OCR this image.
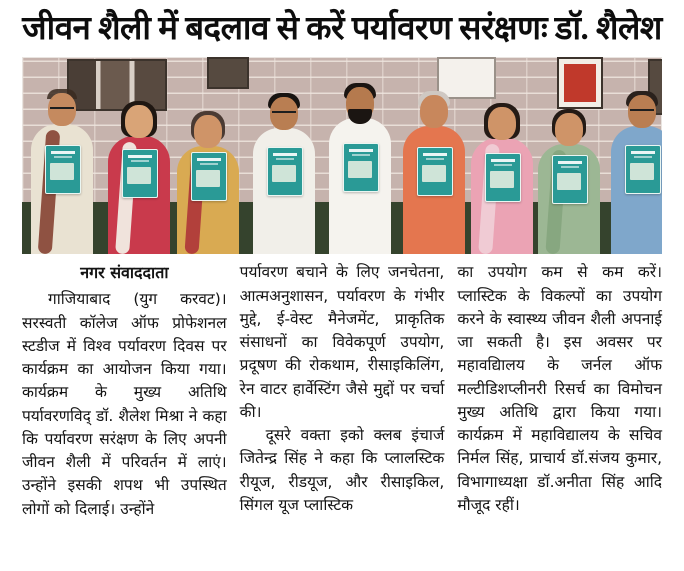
जीवन शैली में बदलाव से करें पर्यावरण सरंक्षणः डॉ. शैलेश
नगर संवाददाता

गाजियाबाद (युग करवट)। सरस्वती कॉलेज ऑफ प्रोफेशनल स्टडीज में विश्व पर्यावरण दिवस पर कार्यक्रम का आयोजन किया गया। कार्यक्रम के मुख्य अतिथि पर्यावरणविद् डॉ. शैलेश मिश्रा ने कहा कि पर्यावरण सरंक्षण के लिए अपनी जीवन शैली में परिवर्तन में लाएं। उन्होंने इसकी शपथ भी उपस्थित लोगों को दिलाई। उन्होंने

पर्यावरण बचाने के लिए जनचेतना, आत्मअनुशासन, पर्यावरण के गंभीर मुद्दे, ई-वेस्ट मैनेजमेंट, प्राकृतिक संसाधनों का विवेकपूर्ण उपयोग, प्रदूषण की रोकथाम, रीसाइकिलिंग, रेन वाटर हार्वेस्टिंग जैसे मुद्दों पर चर्चा की।

दूसरे वक्ता इको क्लब इंचार्ज जितेन्द्र सिंह ने कहा कि प्लालस्टिक रीयूज, रीडयूज, और रीसाइकिल, सिंगल यूज प्लास्टिक

का उपयोग कम से कम करें। प्लास्टिक के विकल्पों का उपयोग करने के स्वास्थ्य जीवन शैली अपनाई जा सकती है। इस अवसर पर महावद्यिालय के जर्नल ऑफ मल्टीडिशप्लीनरी रिसर्च का विमोचन मुख्य अतिथि द्वारा किया गया। कार्यक्रम में महाविद्यालय के सचिव निर्मल सिंह, प्राचार्य डॉ.संजय कुमार, विभागाध्यक्षा डॉ.अनीता सिंह आदि मौजूद रहीं।
